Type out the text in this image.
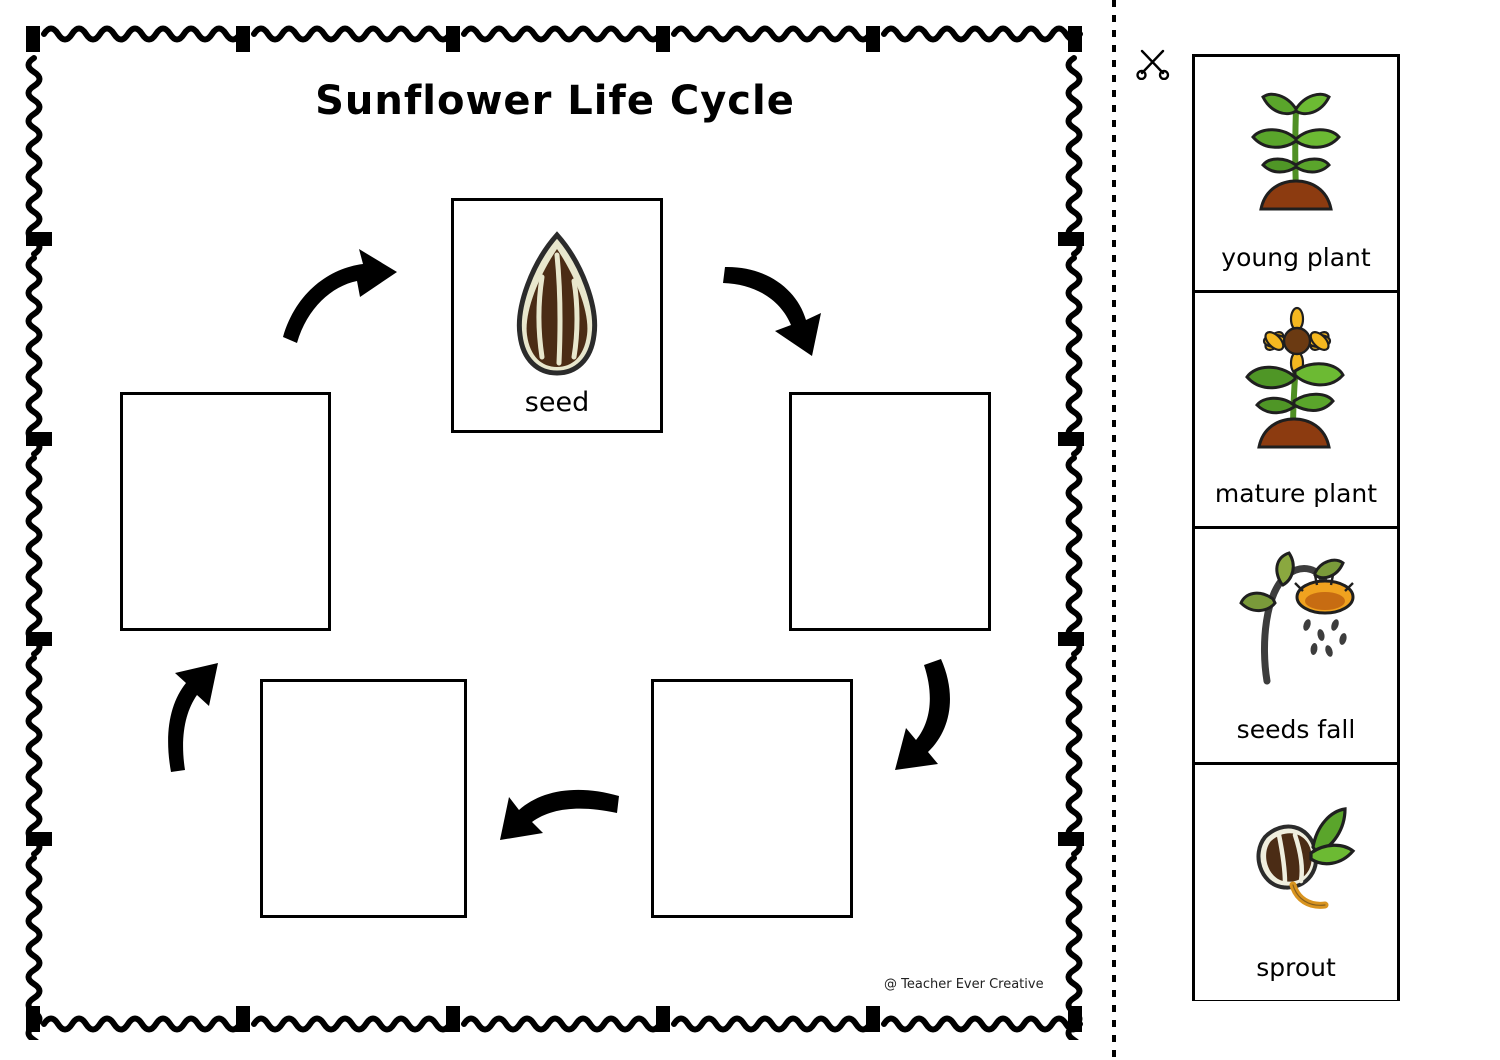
Sunflower Life Cycle
seed
@ Teacher Ever Creative
young plant
mature plant
seeds fall
sprout
